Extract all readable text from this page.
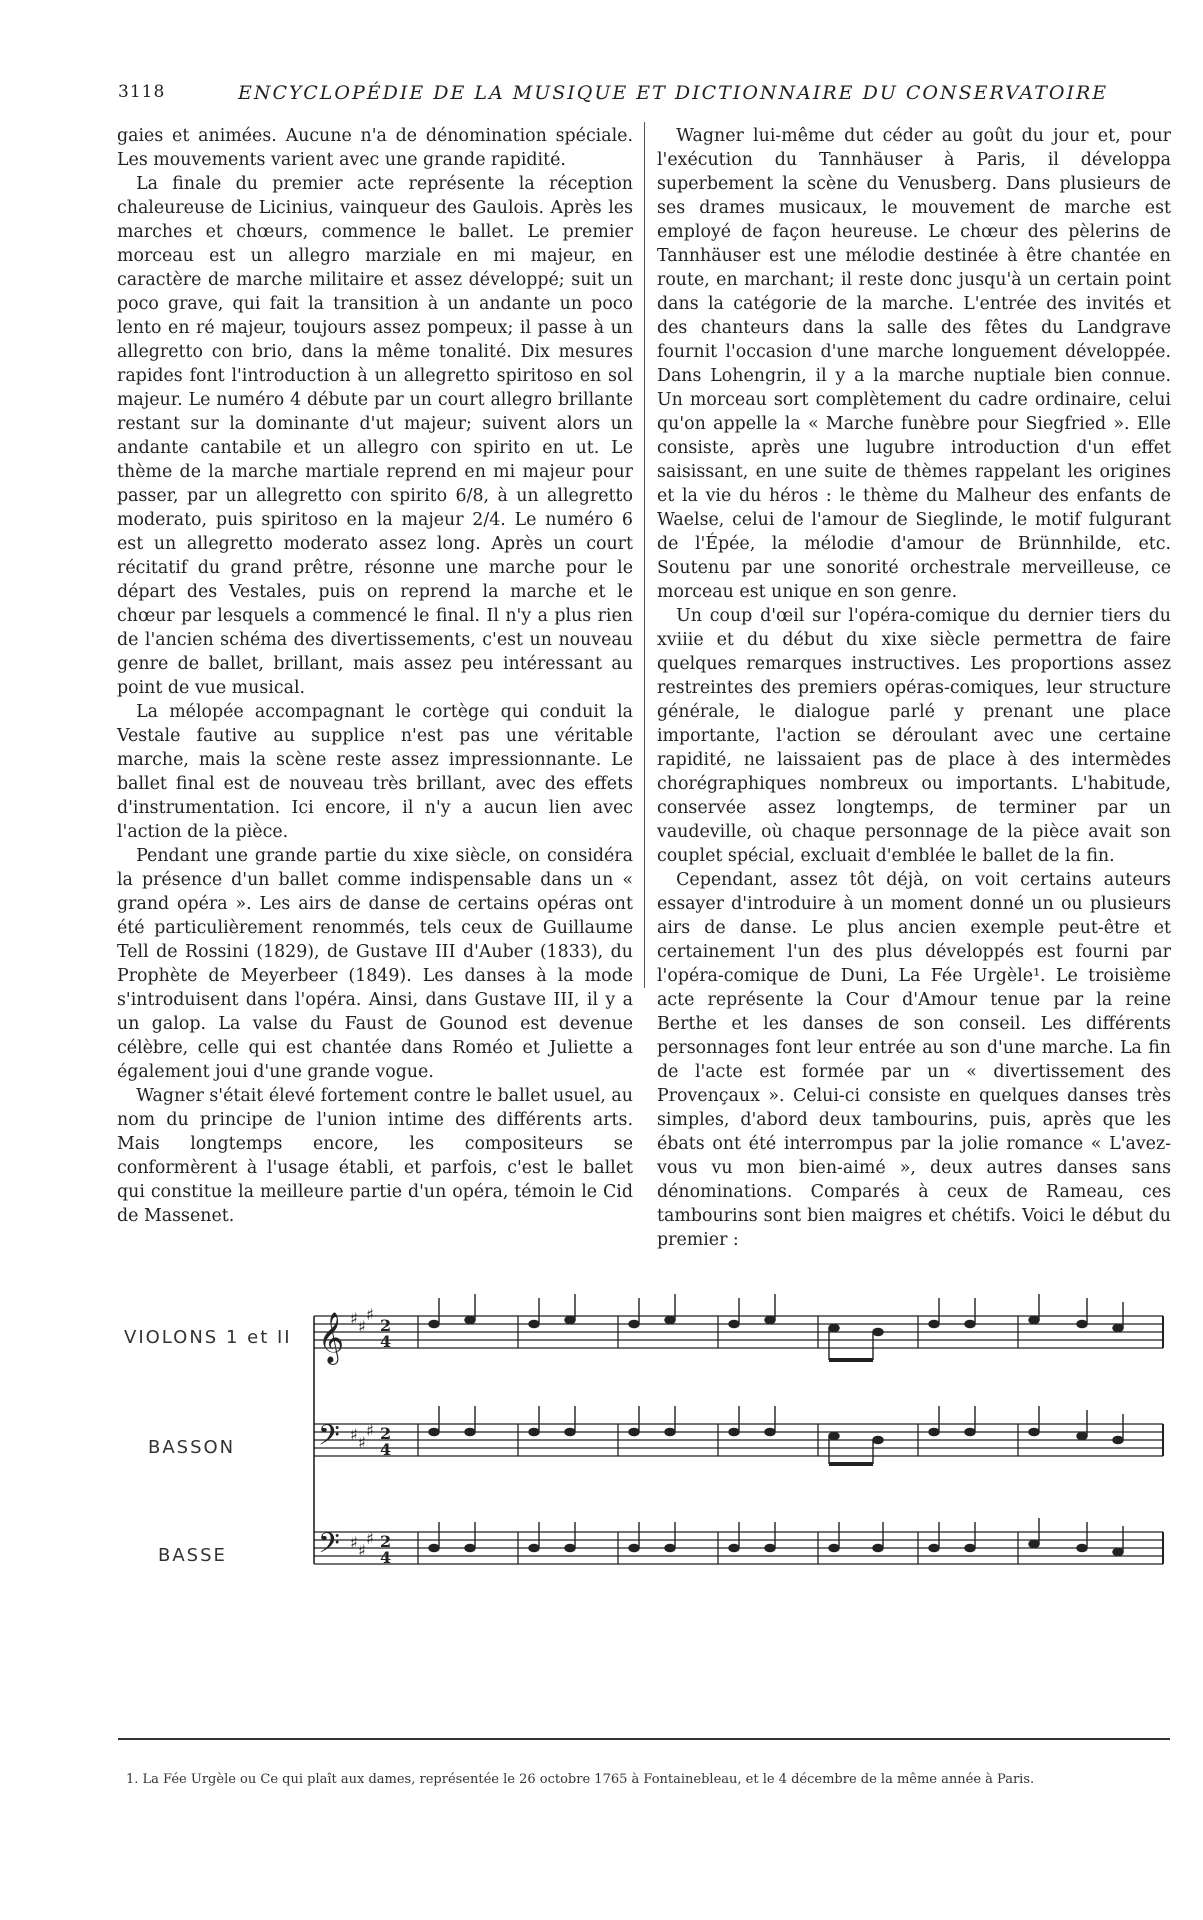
3118	ENCYCLOPÉDIE DE LA MUSIQUE ET DICTIONNAIRE DU CONSERVATOIRE

gaies et animées. Aucune n'a de dénomination spéciale. Les mouvements varient avec une grande rapidité.

La finale du premier acte représente la réception chaleureuse de Licinius, vainqueur des Gaulois. Après les marches et chœurs, commence le ballet. Le premier morceau est un allegro marziale en mi majeur, en caractère de marche militaire et assez développé; suit un poco grave, qui fait la transition à un andante un poco lento en ré majeur, toujours assez pompeux; il passe à un allegretto con brio, dans la même tonalité. Dix mesures rapides font l'introduction à un allegretto spiritoso en sol majeur. Le numéro 4 débute par un court allegro brillante restant sur la dominante d'ut majeur; suivent alors un andante cantabile et un allegro con spirito en ut. Le thème de la marche martiale reprend en mi majeur pour passer, par un allegretto con spirito 6/8, à un allegretto moderato, puis spiritoso en la majeur 2/4. Le numéro 6 est un allegretto moderato assez long. Après un court récitatif du grand prêtre, résonne une marche pour le départ des Vestales, puis on reprend la marche et le chœur par lesquels a commencé le final. Il n'y a plus rien de l'ancien schéma des divertissements, c'est un nouveau genre de ballet, brillant, mais assez peu intéressant au point de vue musical.

La mélopée accompagnant le cortège qui conduit la Vestale fautive au supplice n'est pas une véritable marche, mais la scène reste assez impressionnante. Le ballet final est de nouveau très brillant, avec des effets d'instrumentation. Ici encore, il n'y a aucun lien avec l'action de la pièce.

Pendant une grande partie du xixe siècle, on considéra la présence d'un ballet comme indispensable dans un « grand opéra ». Les airs de danse de certains opéras ont été particulièrement renommés, tels ceux de Guillaume Tell de Rossini (1829), de Gustave III d'Auber (1833), du Prophète de Meyerbeer (1849). Les danses à la mode s'introduisent dans l'opéra. Ainsi, dans Gustave III, il y a un galop. La valse du Faust de Gounod est devenue célèbre, celle qui est chantée dans Roméo et Juliette a également joui d'une grande vogue.

Wagner s'était élevé fortement contre le ballet usuel, au nom du principe de l'union intime des différents arts. Mais longtemps encore, les compositeurs se conformèrent à l'usage établi, et parfois, c'est le ballet qui constitue la meilleure partie d'un opéra, témoin le Cid de Massenet.

Wagner lui-même dut céder au goût du jour et, pour l'exécution du Tannhäuser à Paris, il développa superbement la scène du Venusberg. Dans plusieurs de ses drames musicaux, le mouvement de marche est employé de façon heureuse. Le chœur des pèlerins de Tannhäuser est une mélodie destinée à être chantée en route, en marchant; il reste donc jusqu'à un certain point dans la catégorie de la marche. L'entrée des invités et des chanteurs dans la salle des fêtes du Landgrave fournit l'occasion d'une marche longuement développée. Dans Lohengrin, il y a la marche nuptiale bien connue. Un morceau sort complètement du cadre ordinaire, celui qu'on appelle la « Marche funèbre pour Siegfried ». Elle consiste, après une lugubre introduction d'un effet saisissant, en une suite de thèmes rappelant les origines et la vie du héros : le thème du Malheur des enfants de Waelse, celui de l'amour de Sieglinde, le motif fulgurant de l'Épée, la mélodie d'amour de Brünnhilde, etc. Soutenu par une sonorité orchestrale merveilleuse, ce morceau est unique en son genre.

Un coup d'œil sur l'opéra-comique du dernier tiers du xviiie et du début du xixe siècle permettra de faire quelques remarques instructives. Les proportions assez restreintes des premiers opéras-comiques, leur structure générale, le dialogue parlé y prenant une place importante, l'action se déroulant avec une certaine rapidité, ne laissaient pas de place à des intermèdes chorégraphiques nombreux ou importants. L'habitude, conservée assez longtemps, de terminer par un vaudeville, où chaque personnage de la pièce avait son couplet spécial, excluait d'emblée le ballet de la fin.

Cependant, assez tôt déjà, on voit certains auteurs essayer d'introduire à un moment donné un ou plusieurs airs de danse. Le plus ancien exemple peut-être et certainement l'un des plus développés est fourni par l'opéra-comique de Duni, La Fée Urgèle¹. Le troisième acte représente la Cour d'Amour tenue par la reine Berthe et les danses de son conseil. Les différents personnages font leur entrée au son d'une marche. La fin de l'acte est formée par un « divertissement des Provençaux ». Celui-ci consiste en quelques danses très simples, d'abord deux tambourins, puis, après que les ébats ont été interrompus par la jolie romance « L'avez-vous vu mon bien-aimé », deux autres danses sans dénominations. Comparés à ceux de Rameau, ces tambourins sont bien maigres et chétifs. Voici le début du premier :

VIOLONS 1 et II
BASSON
BASSE
𝄞 ♯ ♯
♯
2
4
𝄢 ♯ ♯
♯ 2
4
𝄢 ♯ ♯
♯ 2
4
1. La Fée Urgèle ou Ce qui plaît aux dames, représentée le 26 octobre 1765 à Fontainebleau, et le 4 décembre de la même année à Paris.
